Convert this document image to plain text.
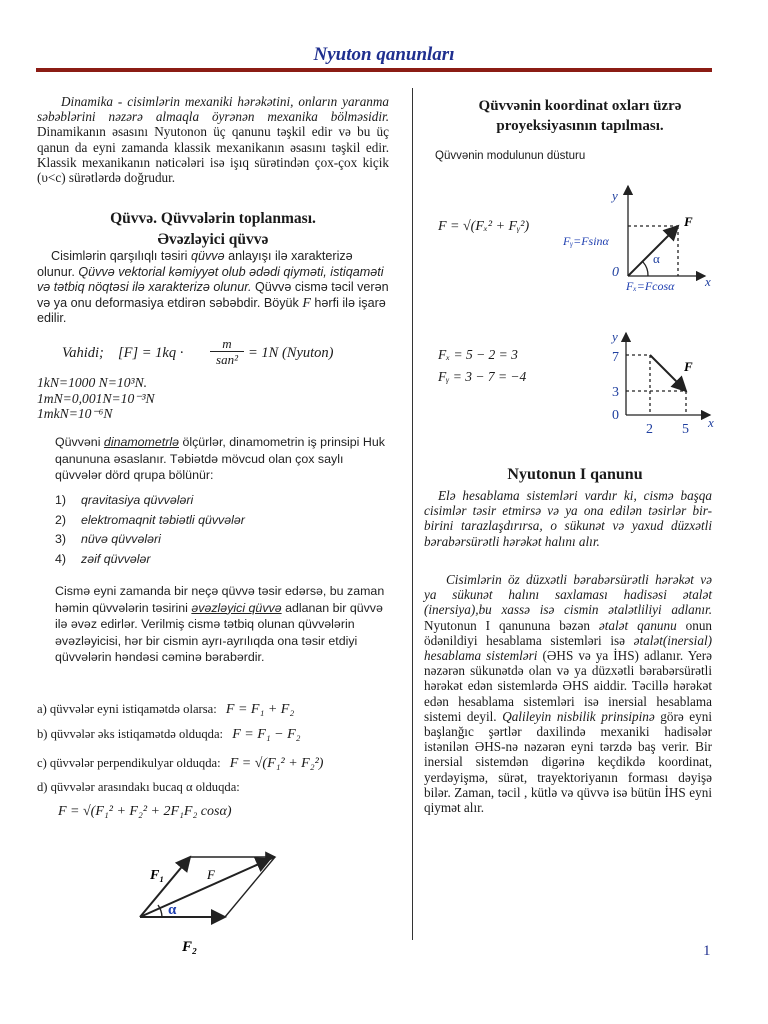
Nyuton qanunları
Dinamika - cisimlərin mexaniki hərəkətini, onların yaranma səbəblərini nəzərə almaqla öyrənən mexanika bölməsidir. Dinamikanın əsasını Nyutonon üç qanunu təşkil edir və bu üç qanun da eyni zamanda klassik mexanikanın əsasını təşkil edir. Klassik mexanikanın nəticələri isə işıq sürətindən çox-çox kiçik (υ<c) sürətlərdə doğrudur.
Qüvvə. Qüvvələrin toplanması.
Əvəzləyici qüvvə
Cisimlərin qarşılıqlı təsiri qüvvə anlayışı ilə xarakterizə olunur. Qüvvə vektorial kəmiyyət olub ədədi qiyməti, istiqaməti və tətbiq nöqtəsi ilə xarakterizə olunur. Qüvvə cismə təcil verən və ya onu deformasiya etdirən səbəbdir. Böyük F hərfi ilə işarə edilir.
Vahidi; [F] = 1kq ·
m
san² = 1N (Nyuton)
1kN=1000 N=10³N.
1mN=0,001N=10⁻³N
1mkN=10⁻⁶N
Qüvvəni dinamometrlə ölçürlər, dinamometrin iş prinsipi Huk qanununa əsaslanır. Təbiətdə mövcud olan çox saylı qüvvələr dörd qrupa bölünür:
1) qravitasiya qüvvələri
2) elektromaqnit təbiətli qüvvələr
3) nüvə qüvvələri
4) zəif qüvvələr
Cismə eyni zamanda bir neçə qüvvə təsir edərsə, bu zaman həmin qüvvələrin təsirini əvəzləyici qüvvə adlanan bir qüvvə ilə əvəz edirlər. Verilmiş cismə tətbiq olunan qüvvələrin əvəzləyicisi, hər bir cismin ayrı-ayrılıqda ona təsir etdiyi qüvvələrin həndəsi cəminə bərabərdir.
a) qüvvələr eyni istiqamətdə olarsa: F = F₁ + F₂
b) qüvvələr əks istiqamətdə olduqda: F = F₁ − F₂
c) qüvvələr perpendikulyar olduqda: F = √(F₁² + F₂²)
d) qüvvələr arasındakı bucaq α olduqda:
F = √(F₁² + F₂² + 2F₁F₂ cosα)
F₁	F
α
F₂
Qüvvənin koordinat oxları üzrə
proyeksiyasının tapılması.
Qüvvənin modulunun düsturu
F = √(Fₓ² + Fᵧ²)
y
x
0
F
α
Fᵧ=Fsinα
Fₓ=Fcosα
Fₓ = 5 − 2 = 3
Fᵧ = 3 − 7 = −4
y
7
3
0
2 5 x
F
Nyutonun I qanunu
Elə hesablama sistemləri vardır ki, cismə başqa cisimlər təsir etmirsə və ya ona edilən təsirlər bir-birini tarazlaşdırırsa, o sükunət və yaxud düzxətli bərabərsürətli hərəkət halını alır.
Cisimlərin öz düzxətli bərabərsürətli hərəkət və ya sükunət halını saxlaması hadisəsi ətalət (inersiya),bu xassə isə cismin ətalətliliyi adlanır. Nyutonun I qanununa bəzən ətalət qanunu onun ödənildiyi hesablama sistemləri isə ətalət(inersial) hesablama sistemləri (ƏHS və ya İHS) adlanır. Yerə nəzərən sükunətdə olan və ya düzxətli bərabərsürətli hərəkət edən sistemlərdə ƏHS aiddir. Təcillə hərəkət edən hesablama sistemləri isə inersial hesablama sistemi deyil. Qalileyin nisbilik prinsipinə görə eyni başlanğıc şərtlər daxilində mexaniki hadisələr istənilən ƏHS-nə nəzərən eyni tərzdə baş verir. Bir inersial sistemdən digərinə keçdikdə koordinat, yerdəyişmə, sürət, trayektoriyanın forması dəyişə bilər. Zaman, təcil , kütlə və qüvvə isə bütün İHS eyni qiymət alır.
1
